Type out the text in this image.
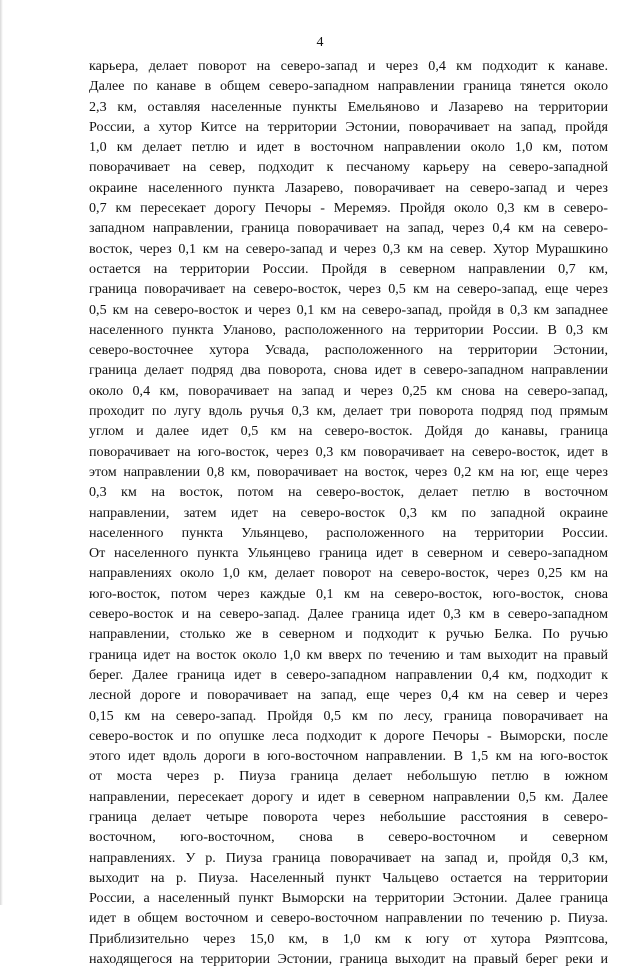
4
карьера, делает поворот на северо-запад и через 0,4 км подходит к канаве.
Далее по канаве в общем северо-западном направлении граница тянется около
2,3 км, оставляя населенные пункты Емельяново и Лазарево на территории
России, а хутор Китсе на территории Эстонии, поворачивает на запад, пройдя
1,0 км делает петлю и идет в восточном направлении около 1,0 км, потом
поворачивает на север, подходит к песчаному карьеру на северо-западной
окраине населенного пункта Лазарево, поворачивает на северо-запад и через
0,7 км пересекает дорогу Печоры - Меремяэ. Пройдя около 0,3 км в северо-
западном направлении, граница поворачивает на запад, через 0,4 км на северо-
восток, через 0,1 км на северо-запад и через 0,3 км на север. Хутор Мурашкино
остается на территории России. Пройдя в северном направлении 0,7 км,
граница поворачивает на северо-восток, через 0,5 км на северо-запад, еще через
0,5 км на северо-восток и через 0,1 км на северо-запад, пройдя в 0,3 км западнее
населенного пункта Уланово, расположенного на территории России. В 0,3 км
северо-восточнее хутора Усвада, расположенного на территории Эстонии,
граница делает подряд два поворота, снова идет в северо-западном направлении
около 0,4 км, поворачивает на запад и через 0,25 км снова на северо-запад,
проходит по лугу вдоль ручья 0,3 км, делает три поворота подряд под прямым
углом и далее идет 0,5 км на северо-восток. Дойдя до канавы, граница
поворачивает на юго-восток, через 0,3 км поворачивает на северо-восток, идет в
этом направлении 0,8 км, поворачивает на восток, через 0,2 км на юг, еще через
0,3 км на восток, потом на северо-восток, делает петлю в восточном
направлении, затем идет на северо-восток 0,3 км по западной окраине
населенного пункта Ульянцево, расположенного на территории России.
От населенного пункта Ульянцево граница идет в северном и северо-западном
направлениях около 1,0 км, делает поворот на северо-восток, через 0,25 км на
юго-восток, потом через каждые 0,1 км на северо-восток, юго-восток, снова
северо-восток и на северо-запад. Далее граница идет 0,3 км в северо-западном
направлении, столько же в северном и подходит к ручью Белка. По ручью
граница идет на восток около 1,0 км вверх по течению и там выходит на правый
берег. Далее граница идет в северо-западном направлении 0,4 км, подходит к
лесной дороге и поворачивает на запад, еще через 0,4 км на север и через
0,15 км на северо-запад. Пройдя 0,5 км по лесу, граница поворачивает на
северо-восток и по опушке леса подходит к дороге Печоры - Выморски, после
этого идет вдоль дороги в юго-восточном направлении. В 1,5 км на юго-восток
от моста через р. Пиуза граница делает небольшую петлю в южном
направлении, пересекает дорогу и идет в северном направлении 0,5 км. Далее
граница делает четыре поворота через небольшие расстояния в северо-
восточном, юго-восточном, снова в северо-восточном и северном
направлениях. У р. Пиуза граница поворачивает на запад и, пройдя 0,3 км,
выходит на р. Пиуза. Населенный пункт Чальцево остается на территории
России, а населенный пункт Выморски на территории Эстонии. Далее граница
идет в общем восточном и северо-восточном направлении по течению р. Пиуза.
Приблизительно через 15,0 км, в 1,0 км к югу от хутора Ряэптсова,
находящегося на территории Эстонии, граница выходит на правый берег реки и
